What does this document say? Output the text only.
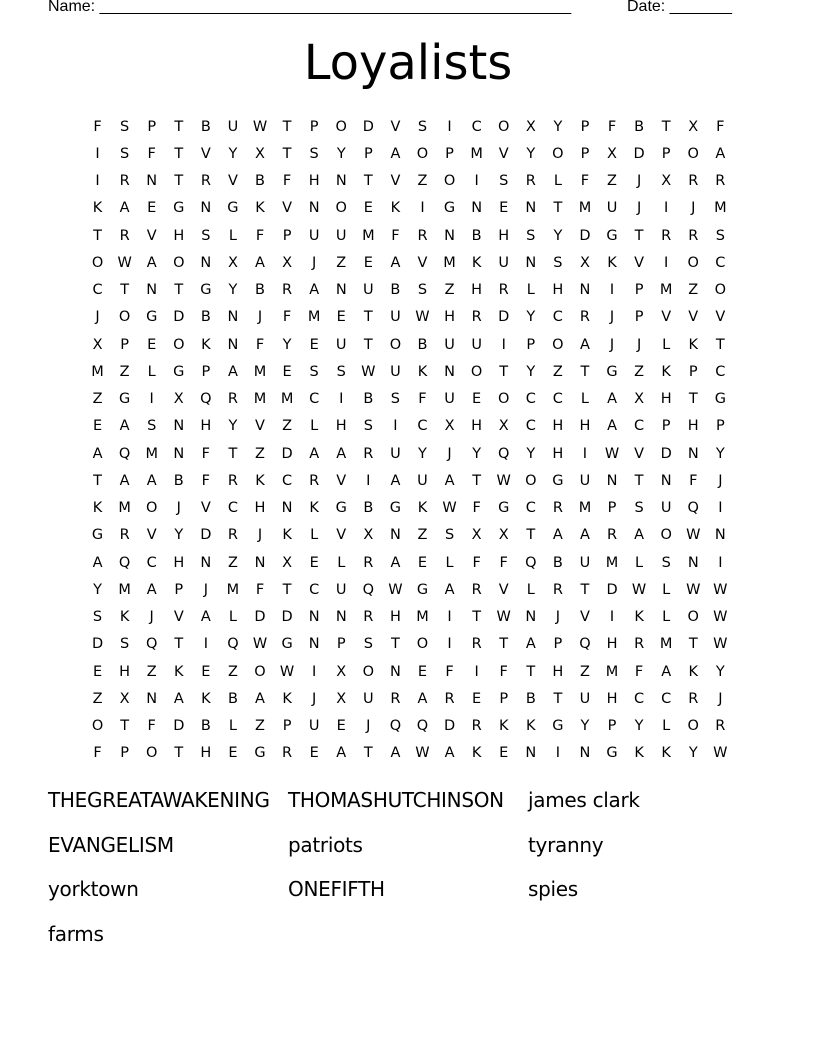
Name: _____________________________________________________	Date: _______
Loyalists
F	S	P	T	B	U	W	T	P	O	D	V	S	I	C	O	X	Y	P	F	B	T	X	F
I	S	F	T	V	Y	X	T	S	Y	P	A	O	P	M	V	Y	O	P	X	D	P	O	A
I	R	N	T	R	V	B	F	H	N	T	V	Z	O	I	S	R	L	F	Z	J	X	R	R
K	A	E	G	N	G	K	V	N	O	E	K	I	G	N	E	N	T	M	U	J	I	J	M
T	R	V	H	S	L	F	P	U	U	M	F	R	N	B	H	S	Y	D	G	T	R	R	S
O W	A	O	N	X	A	X	J	Z	E	A	V	M	K	U	N	S	X	K	V	I	O	C
C	T	N	T	G	Y	B	R	A	N	U	B	S	Z	H	R	L	H	N	I	P	M	Z	O
J	O	G	D	B	N	J	F	M	E	T	U	W H	R	D	Y	C	R	J	P	V	V	V
X	P	E	O	K	N	F	Y	E	U	T	O	B	U	U	I	P	O	A	J	J	L	K	T
M	Z	L	G	P	A	M	E	S	S	W	U	K	N	O	T	Y	Z	T	G	Z	K	P	C
Z	G	I	X	Q	R	M	M	C	I	B	S	F	U	E	O	C	C	L	A	X	H	T	G
E	A	S	N	H	Y	V	Z	L	H	S	I	C	X	H	X	C	H	H	A	C	P	H	P
A	Q	M	N	F	T	Z	D	A	A	R	U	Y	J	Y	Q	Y	H	I	W	V	D	N	Y
T	A	A	B	F	R	K	C	R	V	I	A	U	A	T	W O	G	U	N	T	N	F	J
K	M	O	J	V	C	H	N	K	G	B	G	K	W	F	G	C	R	M	P	S	U	Q	I
G	R	V	Y	D	R	J	K	L	V	X	N	Z	S	X	X	T	A	A	R	A	O W N
A	Q	C	H	N	Z	N	X	E	L	R	A	E	L	F	F	Q	B	U	M	L	S	N	I
Y	M	A	P	J	M	F	T	C	U	Q W G	A	R	V	L	R	T	D W	L	W W
S	K	J	V	A	L	D	D	N	N	R	H	M	I	T	W N	J	V	I	K	L	O W
D	S	Q	T	I	Q W G	N	P	S	T	O	I	R	T	A	P	Q	H	R	M	T	W
E	H	Z	K	E	Z	O W	I	X	O	N	E	F	I	F	T	H	Z	M	F	A	K	Y
Z	X	N	A	K	B	A	K	J	X	U	R	A	R	E	P	B	T	U	H	C	C	R	J
O	T	F	D	B	L	Z	P	U	E	J	Q	Q	D	R	K	K	G	Y	P	Y	L	O	R
F	P	O	T	H	E	G	R	E	A	T	A	W	A	K	E	N	I	N	G	K	K	Y	W
THEGREATAWAKENING THOMASHUTCHINSON	james clark
EVANGELISM	patriots	tyranny
yorktown	ONEFIFTH	spies
farms
